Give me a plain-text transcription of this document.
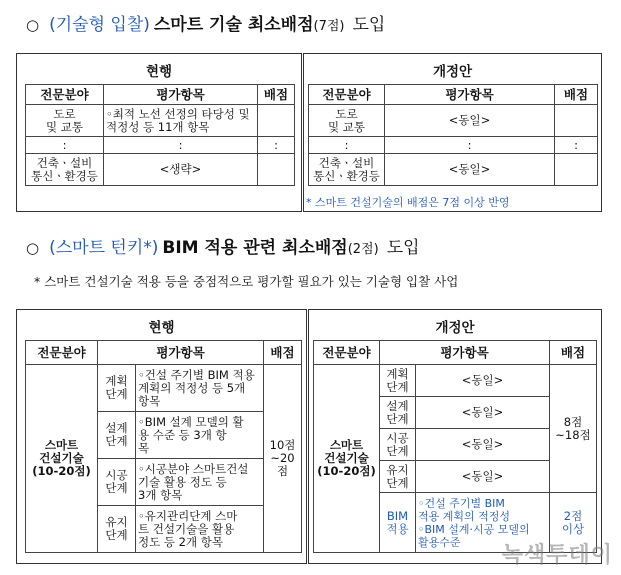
○ (기술형 입찰) 스마트 기술 최소배점 (7점) 도입
현행
전문분야	평가항목	배점
도로
및 교통	◦최적 노선 선정의 타당성 및
적정성 등 11개 항목	
:	:	:
건축ㆍ설비
통신ㆍ환경등	<생략>	
개정안
전문분야	평가항목	배점
도로
및 교통	<동일>	
:	:	:
건축ㆍ설비
통신ㆍ환경등	<동일>	
* 스마트 건설기술의 배점은 7점 이상 반영
○ (스마트 턴키*) BIM 적용 관련 최소배점 (2점) 도입
* 스마트 건설기술 적용 등을 중점적으로 평가할 필요가 있는 기술형 입찰 사업
현행
전문분야	평가항목		배점
스마트
건설기술
(10-20점)	계획
단계	◦건설 주기별 BIM 적용
계획의 적정성 등 5개
항목	10점
~20점
	설계
단계	◦BIM 설계 모델의 활
용 수준 등 3개 항
목	
	시공
단계	◦시공분야 스마트건설
기술 활용 정도 등
3개 항목	
	유지
단계	◦유지관리단계 스마
트 건설기술을 활용
정도 등 2개 항목	
개정안
전문분야	평가항목		배점
스마트
건설기술
(10-20점)	계획
단계	<동일>	8점
~18점
	설계
단계	<동일>	
	시공
단계	<동일>	
	유지
단계	<동일>	
	BIM
적용	◦건설 주기별 BIM
적용 계획의 적정성
◦BIM 설계·시공 모델의
활용수준	2점
이상
녹색투데이
